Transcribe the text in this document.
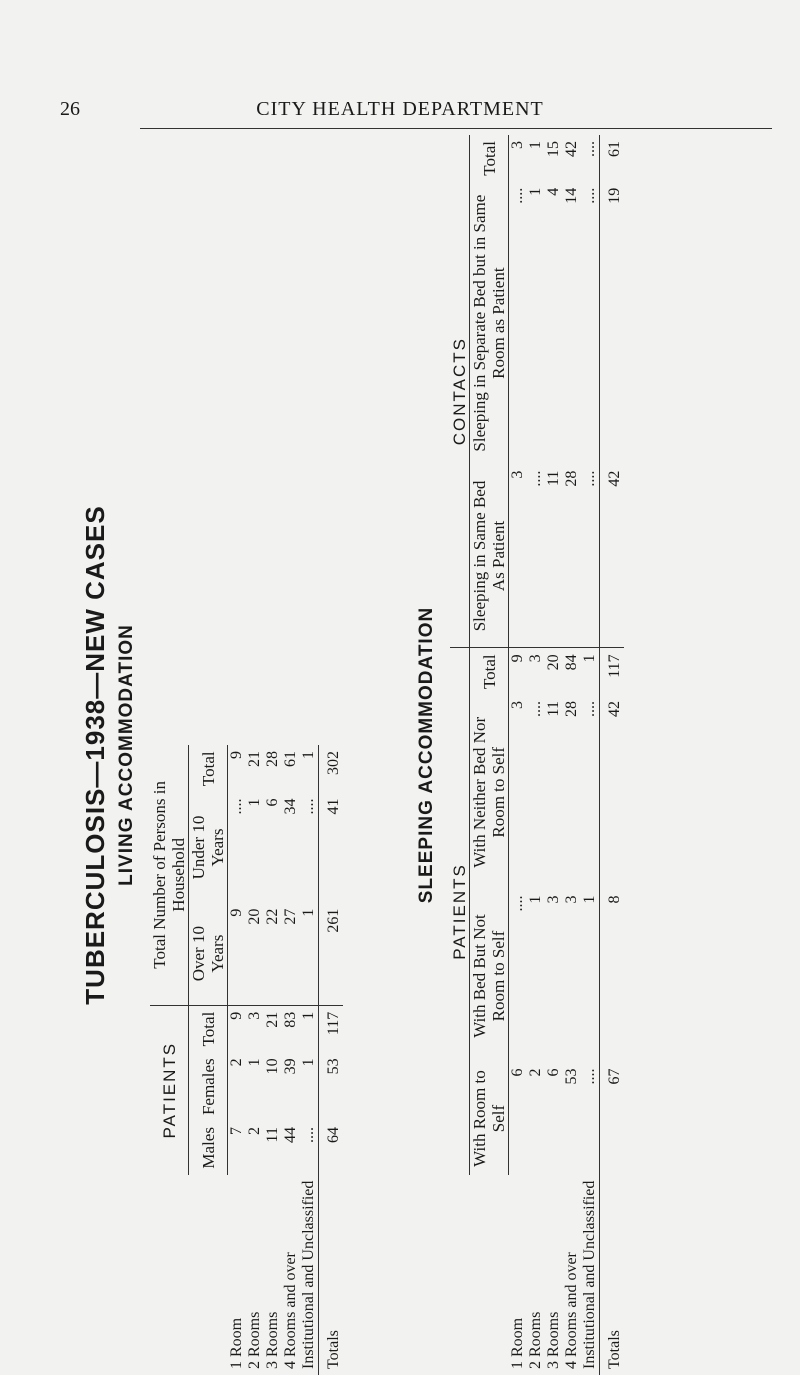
26	CITY HEALTH DEPARTMENT
TUBERCULOSIS—1938—NEW CASES LIVING ACCOMMODATION
	PATIENTS			Total Number of Persons in Household		
	Males	Females	Total	Over 10 Years	Under 10 Years	Total
1 Room	7	2	9	9	....	9
2 Rooms	2	1	3	20	1	21
3 Rooms	11	10	21	22	6	28
4 Rooms and over	44	39	83	27	34	61
Institutional and Unclassified	....	1	1	1	....	1
Totals	64	53	117	261	41	302	SLEEPING ACCOMMODATION
	PATIENTS				CONTACTS		
	With Room to Self	With Bed But Not Room to Self	With Neither Bed Nor Room to Self	Total	Sleeping in Same Bed As Patient	Sleeping in Separate Bed but in Same Room as Patient	Total
1 Room	6	....	3	9	3	....	3
2 Rooms	2	1	....	3	....	1	1
3 Rooms	6	3	11	20	11	4	15
4 Rooms and over	53	3	28	84	28	14	42
Institutional and Unclassified	....	1	....	1	....	....	....
Totals	67	8	42	117	42	19	61
